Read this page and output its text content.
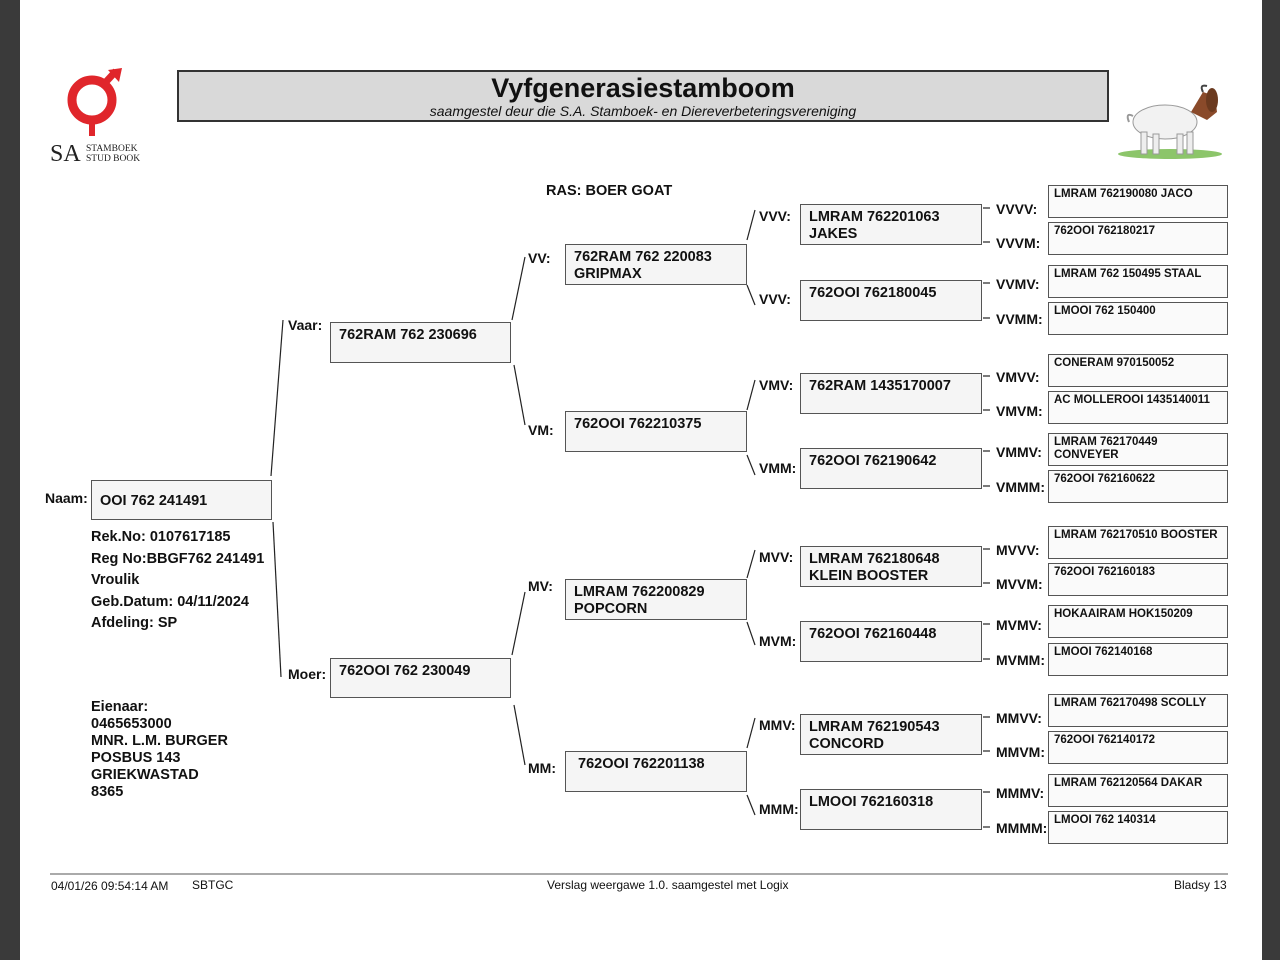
SA STAMBOEK
STUD BOOK
Vyfgenerasiestamboom
saamgestel deur die S.A. Stamboek- en Diereverbeteringsvereniging
RAS: BOER GOAT
Naam: OOI 762 241491
Rek.No: 0107617185
Reg No:BBGF762 241491
Vroulik
Geb.Datum: 04/11/2024
Afdeling: SP
Eienaar:
0465653000
MNR. L.M. BURGER
POSBUS 143
GRIEKWASTAD
8365
Vaar:
762RAM 762 230696
Moer: 762OOI 762 230049
VV: 762RAM 762 220083
GRIPMAX
VM: 762OOI 762210375
MV: LMRAM 762200829
POPCORN
MM: 762OOI 762201138
VVV: LMRAM 762201063
JAKES
VVV: 762OOI 762180045
VMV: 762RAM 1435170007
VMM: 762OOI 762190642
MVV: LMRAM 762180648
KLEIN BOOSTER
MVM: 762OOI 762160448
MMV: LMRAM 762190543
CONCORD
MMM: LMOOI 762160318
VVVV:
LMRAM 762190080 JACO
VVVM:
762OOI 762180217
VVMV:
LMRAM 762 150495 STAAL
VVMM: LMOOI 762 150400
VMVV:
CONERAM 970150052
VMVM:
AC MOLLEROOI 1435140011
VMMV:
LMRAM 762170449
CONVEYER
VMMM: 762OOI 762160622
MVVV:
LMRAM 762170510 BOOSTER
MVVM:
762OOI 762160183
MVMV:
HOKAAIRAM HOK150209
MVMM: LMOOI 762140168
MMVV:
LMRAM 762170498 SCOLLY
MMVM:
762OOI 762140172
MMMV:
LMRAM 762120564 DAKAR
MMMM: LMOOI 762 140314
04/01/26 09:54:14 AM SBTGC	Verslag weergawe 1.0. saamgestel met Logix	Bladsy 13
